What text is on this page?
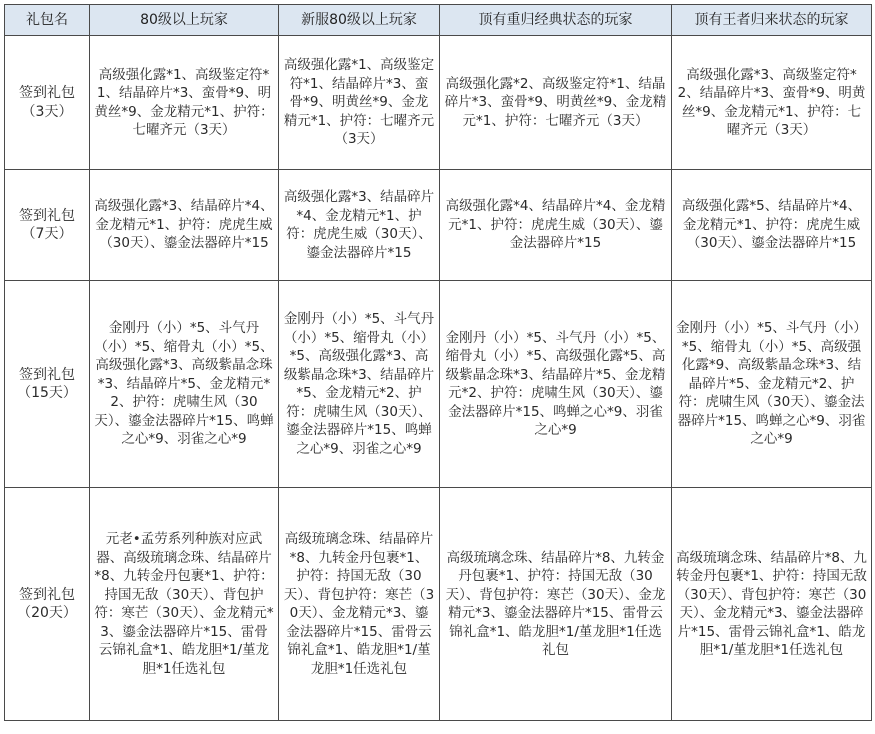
礼包名	80级以上玩家	新服80级以上玩家	顶有重归经典状态的玩家	顶有王者归来状态的玩家

签到礼包
（3天）	高级强化露*1、高级鉴定符*1、结晶碎片*3、蛮骨*9、明黄丝*9、金龙精元*1、护符：七曜齐元（3天）	高级强化露*1、高级鉴定符*1、结晶碎片*3、蛮骨*9、明黄丝*9、金龙精元*1、护符：七曜齐元（3天）	高级强化露*2、高级鉴定符*1、结晶碎片*3、蛮骨*9、明黄丝*9、金龙精元*1、护符：七曜齐元（3天）	高级强化露*3、高级鉴定符*2、结晶碎片*3、蛮骨*9、明黄丝*9、金龙精元*1、护符：七曜齐元（3天）

签到礼包
（7天）	高级强化露*3、结晶碎片*4、金龙精元*1、护符：虎虎生威（30天）、鎏金法器碎片*15	高级强化露*3、结晶碎片*4、金龙精元*1、护符：虎虎生威（30天）、鎏金法器碎片*15	高级强化露*4、结晶碎片*4、金龙精元*1、护符：虎虎生威（30天）、鎏金法器碎片*15	高级强化露*5、结晶碎片*4、金龙精元*1、护符：虎虎生威（30天）、鎏金法器碎片*15

签到礼包
（15天）	金刚丹（小）*5、斗气丹（小）*5、缩骨丸（小）*5、高级强化露*3、高级紫晶念珠*3、结晶碎片*5、金龙精元*2、护符：虎啸生风（30天）、鎏金法器碎片*15、鸣蝉之心*9、羽雀之心*9	金刚丹（小）*5、斗气丹（小）*5、缩骨丸（小）*5、高级强化露*3、高级紫晶念珠*3、结晶碎片*5、金龙精元*2、护符：虎啸生风（30天）、鎏金法器碎片*15、鸣蝉之心*9、羽雀之心*9	金刚丹（小）*5、斗气丹（小）*5、缩骨丸（小）*5、高级强化露*5、高级紫晶念珠*3、结晶碎片*5、金龙精元*2、护符：虎啸生风（30天）、鎏金法器碎片*15、鸣蝉之心*9、羽雀之心*9	金刚丹（小）*5、斗气丹（小）*5、缩骨丸（小）*5、高级强化露*9、高级紫晶念珠*3、结晶碎片*5、金龙精元*2、护符：虎啸生风（30天）、鎏金法器碎片*15、鸣蝉之心*9、羽雀之心*9

签到礼包
（20天）	元老•孟劳系列种族对应武器、高级琉璃念珠、结晶碎片*8、九转金丹包裹*1、护符：持国无敌（30天）、背包护符：寒芒（30天）、金龙精元*3、鎏金法器碎片*15、雷骨云锦礼盒*1、皓龙胆*1/堇龙胆*1任选礼包	高级琉璃念珠、结晶碎片*8、九转金丹包裹*1、护符：持国无敌（30天）、背包护符：寒芒（30天）、金龙精元*3、鎏金法器碎片*15、雷骨云锦礼盒*1、皓龙胆*1/堇龙胆*1任选礼包	高级琉璃念珠、结晶碎片*8、九转金丹包裹*1、护符：持国无敌（30天）、背包护符：寒芒（30天）、金龙精元*3、鎏金法器碎片*15、雷骨云锦礼盒*1、皓龙胆*1/堇龙胆*1任选礼包	高级琉璃念珠、结晶碎片*8、九转金丹包裹*1、护符：持国无敌（30天）、背包护符：寒芒（30天）、金龙精元*3、鎏金法器碎片*15、雷骨云锦礼盒*1、皓龙胆*1/堇龙胆*1任选礼包
